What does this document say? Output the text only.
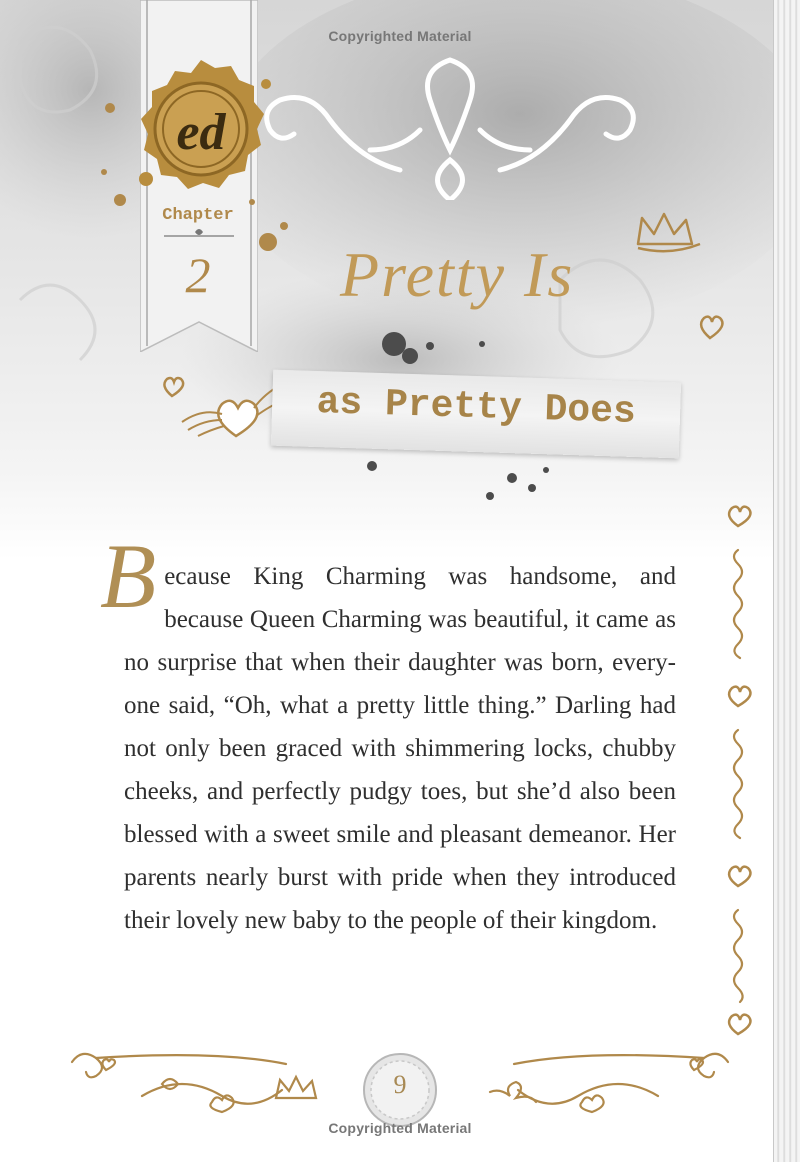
Copyrighted Material
ed
Chapter
2	Pretty Is
as Pretty Does

Because King Charming was handsome, and because Queen Charming was beautiful, it came as no surprise that when their daughter was born, everyone said, “Oh, what a pretty little thing.” Darling had not only been graced with shimmering locks, chubby cheeks, and perfectly pudgy toes, but she’d also been blessed with a sweet smile and pleasant demeanor. Her parents nearly burst with pride when they introduced their lovely new baby to the people of their kingdom.

9
Copyrighted Material
